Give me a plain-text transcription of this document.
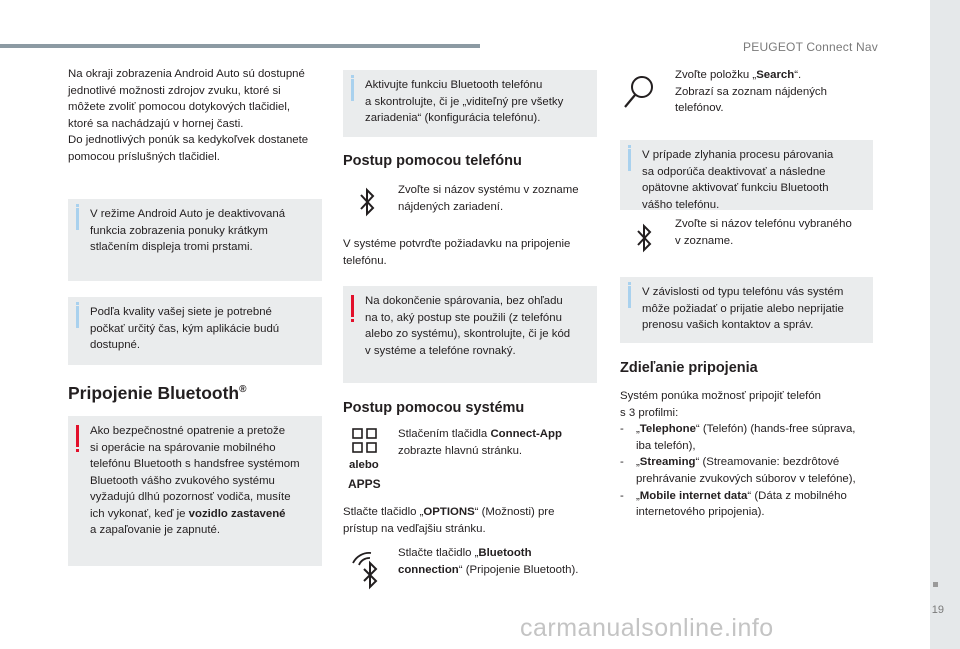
PEUGEOT Connect Nav
19
carmanualsonline.info
Na okraji zobrazenia Android Auto sú dostupné
jednotlivé možnosti zdrojov zvuku, ktoré si
môžete zvoliť pomocou dotykových tlačidiel,
ktoré sa nachádzajú v hornej časti.
Do jednotlivých ponúk sa kedykoľvek dostanete
pomocou príslušných tlačidiel.
V režime Android Auto je deaktivovaná
funkcia zobrazenia ponuky krátkym
stlačením displeja tromi prstami.
Podľa kvality vašej siete je potrebné
počkať určitý čas, kým aplikácie budú
dostupné.
Pripojenie Bluetooth®
Ako bezpečnostné opatrenie a pretože
si operácie na spárovanie mobilného
telefónu Bluetooth s handsfree systémom
Bluetooth vášho zvukového systému
vyžadujú dlhú pozornosť vodiča, musíte
ich vykonať, keď je vozidlo zastavené
a zapaľovanie je zapnuté.
Aktivujte funkciu Bluetooth telefónu
a skontrolujte, či je „viditeľný pre všetky
zariadenia“ (konfigurácia telefónu).
Postup pomocou telefónu
Zvoľte si názov systému v zozname
nájdených zariadení.
V systéme potvrďte požiadavku na pripojenie
telefónu.
Na dokončenie spárovania, bez ohľadu
na to, aký postup ste použili (z telefónu
alebo zo systému), skontrolujte, či je kód
v systéme a telefóne rovnaký.
Postup pomocou systému
alebo
APPS
Stlačením tlačidla Connect-App
zobrazte hlavnú stránku.
Stlačte tlačidlo „OPTIONS“ (Možnosti) pre
prístup na vedľajšiu stránku.
Stlačte tlačidlo „Bluetooth
connection“ (Pripojenie Bluetooth).
Zvoľte položku „Search“.
Zobrazí sa zoznam nájdených
telefónov.
V prípade zlyhania procesu párovania
sa odporúča deaktivovať a následne
opätovne aktivovať funkciu Bluetooth
vášho telefónu.
Zvoľte si názov telefónu vybraného
v zozname.
V závislosti od typu telefónu vás systém
môže požiadať o prijatie alebo neprijatie
prenosu vašich kontaktov a správ.
Zdieľanie pripojenia
Systém ponúka možnosť pripojiť telefón
s 3 profilmi:
-	„Telephone“ (Telefón) (hands-free súprava,
iba telefón),
-	„Streaming“ (Streamovanie: bezdrôtové
prehrávanie zvukových súborov v telefóne),
-	„Mobile internet data“ (Dáta z mobilného
internetového pripojenia).
